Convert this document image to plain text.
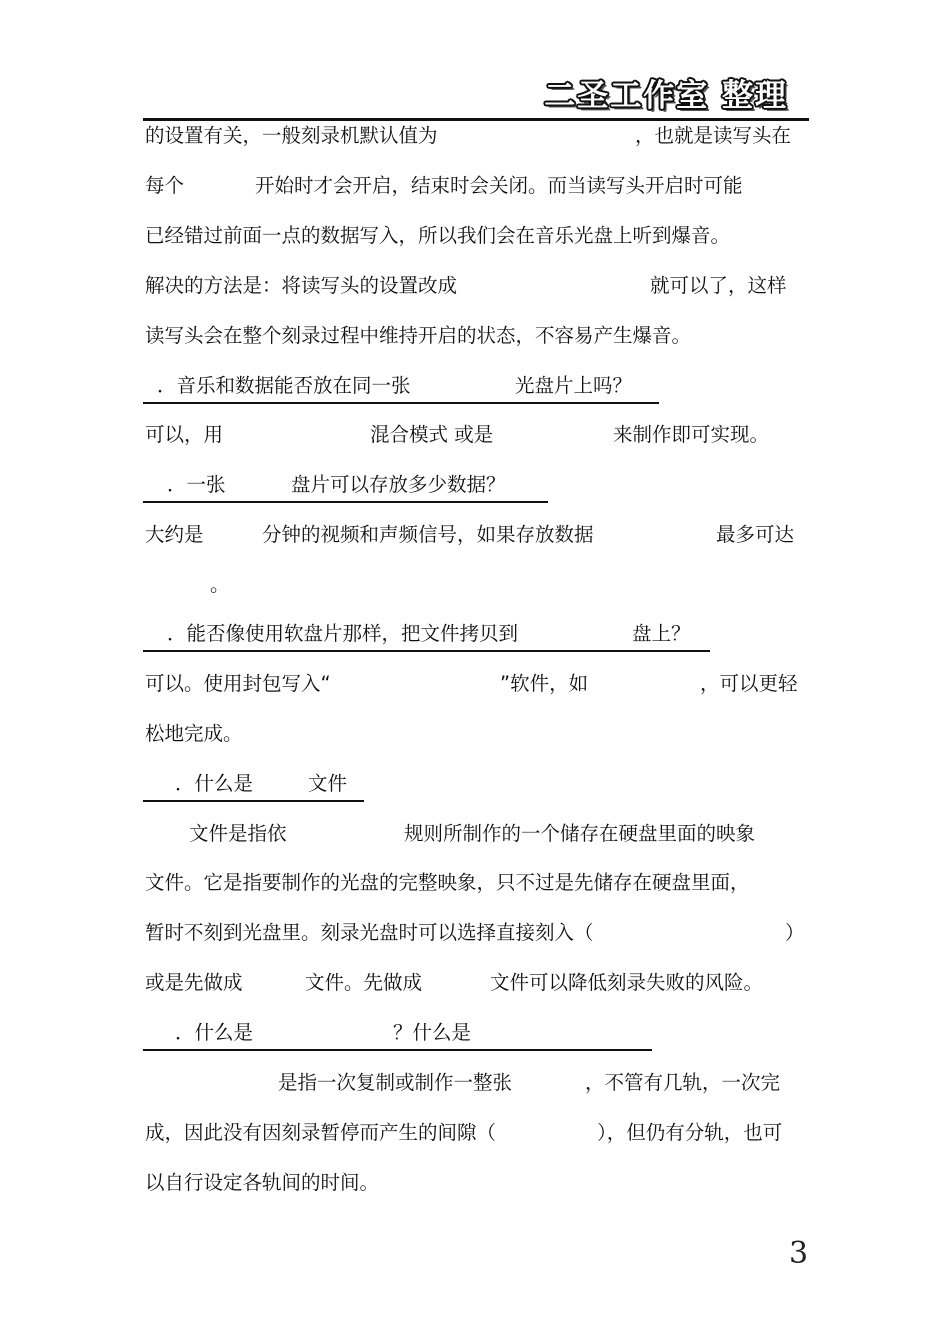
二圣工作室 整理
的设置有关，一般刻录机默认值为	，也就是读写头在
每个	开始时才会开启，结束时会关闭。而当读写头开启时可能
已经错过前面一点的数据写入，所以我们会在音乐光盘上听到爆音。
解决的方法是：将读写头的设置改成	就可以了，这样
读写头会在整个刻录过程中维持开启的状态，不容易产生爆音。
．音乐和数据能否放在同一张	光盘片上吗？
可以，用	混合模式 或是	来制作即可实现。
．一张	盘片可以存放多少数据？
大约是	分钟的视频和声频信号，如果存放数据	最多可达
。
．能否像使用软盘片那样，把文件拷贝到	盘上？
可以。使用封包写入“	”软件，如	，可以更轻
松地完成。
．什么是	文件
文件是指依	规则所制作的一个储存在硬盘里面的映象
文件。它是指要制作的光盘的完整映象，只不过是先储存在硬盘里面，
暂时不刻到光盘里。刻录光盘时可以选择直接刻入（	）
或是先做成	文件。先做成	文件可以降低刻录失败的风险。
．什么是	？什么是
是指一次复制或制作一整张	，不管有几轨，一次完
成，因此没有因刻录暂停而产生的间隙（	），但仍有分轨，也可
以自行设定各轨间的时间。
3
